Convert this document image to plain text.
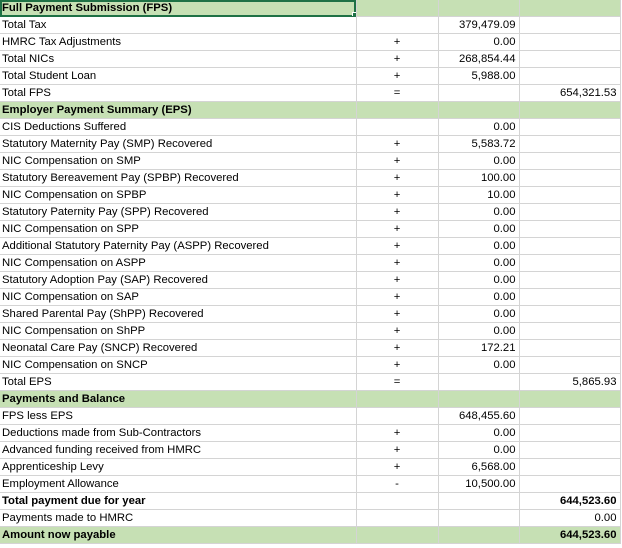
Full Payment Submission (FPS)

Total Tax		379,479.09	
HMRC Tax Adjustments	+	0.00	
Total NICs	+	268,854.44	
Total Student Loan	+	5,988.00	
Total FPS	=		654,321.53
Employer Payment Summary (EPS)			
CIS Deductions Suffered		0.00	
Statutory Maternity Pay (SMP) Recovered	+	5,583.72	
NIC Compensation on SMP	+	0.00	
Statutory Bereavement Pay (SPBP) Recovered	+	100.00	
NIC Compensation on SPBP	+	10.00	
Statutory Paternity Pay (SPP) Recovered	+	0.00	
NIC Compensation on SPP	+	0.00	
Additional Statutory Paternity Pay (ASPP) Recovered	+	0.00	
NIC Compensation on ASPP	+	0.00	
Statutory Adoption Pay (SAP) Recovered	+	0.00	
NIC Compensation on SAP	+	0.00	
Shared Parental Pay (ShPP) Recovered	+	0.00	
NIC Compensation on ShPP	+	0.00	
Neonatal Care Pay (SNCP) Recovered	+	172.21	
NIC Compensation on SNCP	+	0.00	
Total EPS	=		5,865.93
Payments and Balance			
FPS less EPS		648,455.60	
Deductions made from Sub-Contractors	+	0.00	
Advanced funding received from HMRC	+	0.00	
Apprenticeship Levy	+	6,568.00	
Employment Allowance	-	10,500.00	
Total payment due for year			644,523.60
Payments made to HMRC			0.00
Amount now payable			644,523.60
